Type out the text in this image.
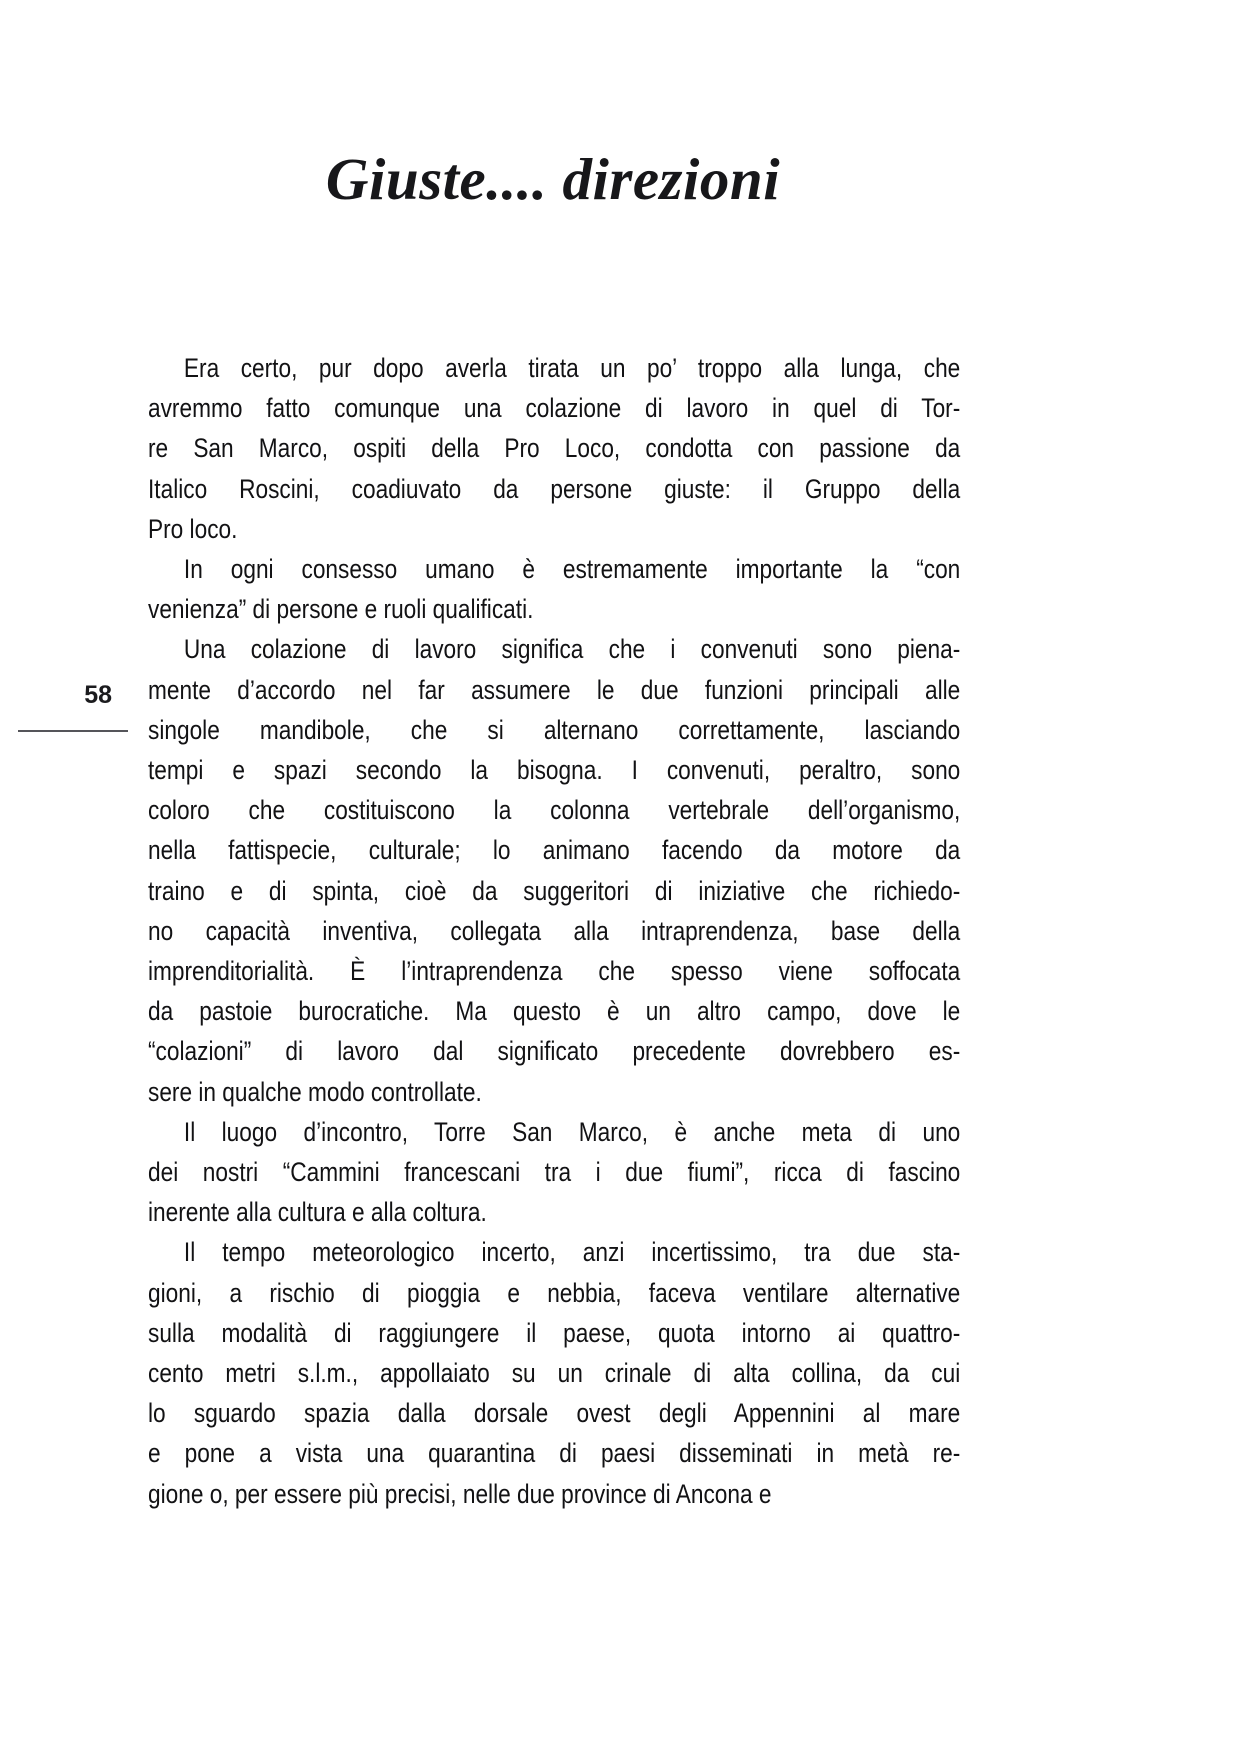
Giuste.... direzioni
58

Era certo, pur dopo averla tirata un po’ troppo alla lunga, che
avremmo fatto comunque una colazione di lavoro in quel di Tor-
re San Marco, ospiti della Pro Loco, condotta con passione da
Italico Roscini, coadiuvato da persone giuste: il Gruppo della
Pro loco.

In ogni consesso umano è estremamente importante la “con
venienza” di persone e ruoli qualificati.

Una colazione di lavoro significa che i convenuti sono piena-
mente d’accordo nel far assumere le due funzioni principali alle
singole mandibole, che si alternano correttamente, lasciando
tempi e spazi secondo la bisogna. I convenuti, peraltro, sono
coloro che costituiscono la colonna vertebrale dell’organismo,
nella fattispecie, culturale; lo animano facendo da motore da
traino e di spinta, cioè da suggeritori di iniziative che richiedo-
no capacità inventiva, collegata alla intraprendenza, base della
imprenditorialità. È l’intraprendenza che spesso viene soffocata
da pastoie burocratiche. Ma questo è un altro campo, dove le
“colazioni” di lavoro dal significato precedente dovrebbero es-
sere in qualche modo controllate.

Il luogo d’incontro, Torre San Marco, è anche meta di uno
dei nostri “Cammini francescani tra i due fiumi”, ricca di fascino
inerente alla cultura e alla coltura.

Il tempo meteorologico incerto, anzi incertissimo, tra due sta-
gioni, a rischio di pioggia e nebbia, faceva ventilare alternative
sulla modalità di raggiungere il paese, quota intorno ai quattro-
cento metri s.l.m., appollaiato su un crinale di alta collina, da cui
lo sguardo spazia dalla dorsale ovest degli Appennini al mare
e pone a vista una quarantina di paesi disseminati in metà re-
gione o, per essere più precisi, nelle due province di Ancona e
